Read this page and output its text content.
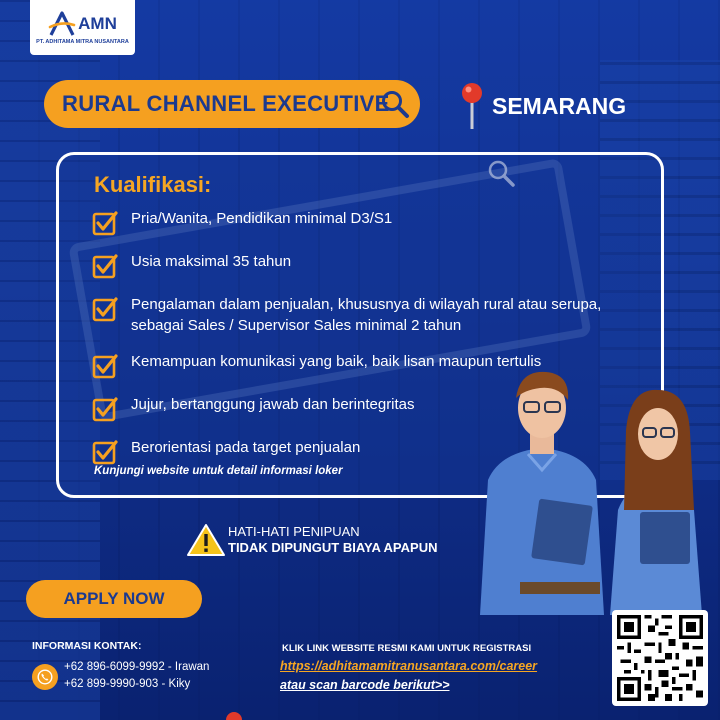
AMN
PT. ADHITAMA MITRA NUSANTARA
RURAL CHANNEL EXECUTIVE	SEMARANG
Kualifikasi:
Pria/Wanita, Pendidikan minimal D3/S1
Usia maksimal 35 tahun
Pengalaman dalam penjualan, khususnya di wilayah rural atau serupa, sebagai Sales / Supervisor Sales minimal 2 tahun
Kemampuan komunikasi yang baik, baik lisan maupun tertulis
Jujur, bertanggung jawab dan berintegritas
Berorientasi pada target penjualan
Kunjungi website untuk detail informasi loker
HATI-HATI PENIPUAN
TIDAK DIPUNGUT BIAYA APAPUN
APPLY NOW
INFORMASI KONTAK:
+62 896-6099-9992 - Irawan
+62 899-9990-903 - Kiky
KLIK LINK WEBSITE RESMI KAMI UNTUK REGISTRASI
https://adhitamamitranusantara.com/career
atau scan barcode berikut>>
